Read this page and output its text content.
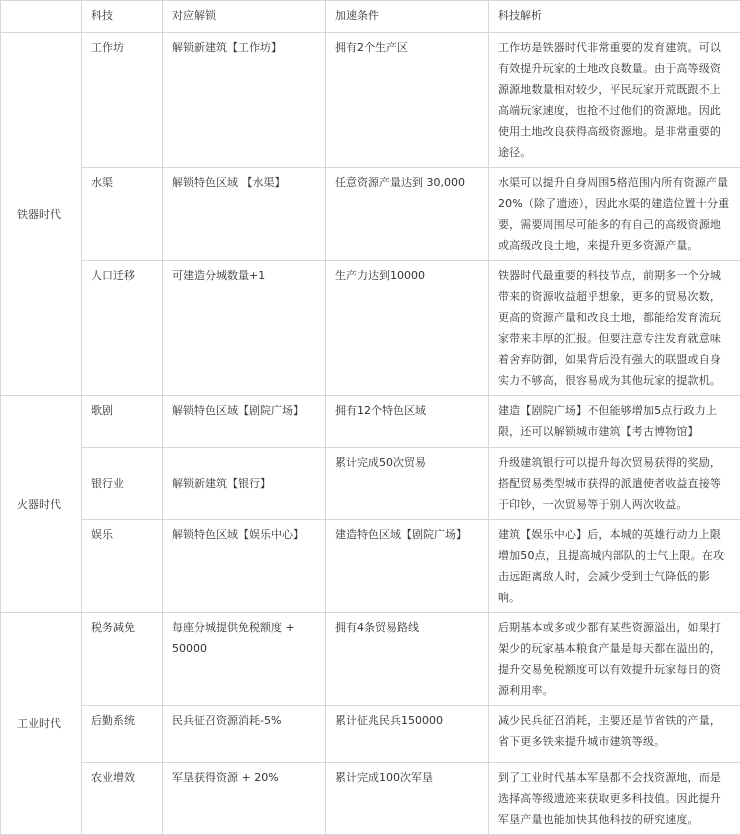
	科技	对应解锁	加速条件	科技解析
铁器时代	工作坊	解锁新建筑【工作坊】	拥有2个生产区	工作坊是铁器时代非常重要的发育建筑。可以有效提升玩家的土地改良数量。由于高等级资源源地数量相对较少，平民玩家开荒既跟不上高端玩家速度，也抢不过他们的资源地。因此使用土地改良获得高级资源地。是非常重要的途径。
	水渠	解锁特色区域 【水渠】	任意资源产量达到 30,000	水渠可以提升自身周围5格范围内所有资源产量20%（除了遗迹），因此水渠的建造位置十分重要，需要周围尽可能多的有自己的高级资源地或高级改良土地，来提升更多资源产量。
	人口迁移	可建造分城数量+1	生产力达到10000	铁器时代最重要的科技节点，前期多一个分城带来的资源收益超乎想象，更多的贸易次数，更高的资源产量和改良土地，都能给发育流玩家带来丰厚的汇报。但要注意专注发育就意味着舍弃防御，如果背后没有强大的联盟或自身实力不够高，很容易成为其他玩家的提款机。
火器时代	歌剧	解锁特色区域【剧院广场】	拥有12个特色区域	建造【剧院广场】不但能够增加5点行政力上限，还可以解锁城市建筑【考古博物馆】
	银行业	解锁新建筑【银行】	累计完成50次贸易	升级建筑银行可以提升每次贸易获得的奖励，搭配贸易类型城市获得的派遣使者收益直接等于印钞，一次贸易等于别人两次收益。
	娱乐	解锁特色区域【娱乐中心】	建造特色区域【剧院广场】	建筑【娱乐中心】后，本城的英雄行动力上限增加50点，且提高城内部队的士气上限。在攻击远距离敌人时，会减少受到士气降低的影响。
工业时代	税务减免	每座分城提供免税额度 + 50000	拥有4条贸易路线	后期基本或多或少都有某些资源溢出，如果打架少的玩家基本粮食产量是每天都在溢出的，提升交易免税额度可以有效提升玩家每日的资源利用率。
	后勤系统	民兵征召资源消耗-5%	累计征兆民兵150000	减少民兵征召消耗，主要还是节省铁的产量，省下更多铁来提升城市建筑等级。
	农业增效	军垦获得资源 + 20%	累计完成100次军垦	到了工业时代基本军垦都不会找资源地，而是选择高等级遗迹来获取更多科技值。因此提升军垦产量也能加快其他科技的研究速度。
